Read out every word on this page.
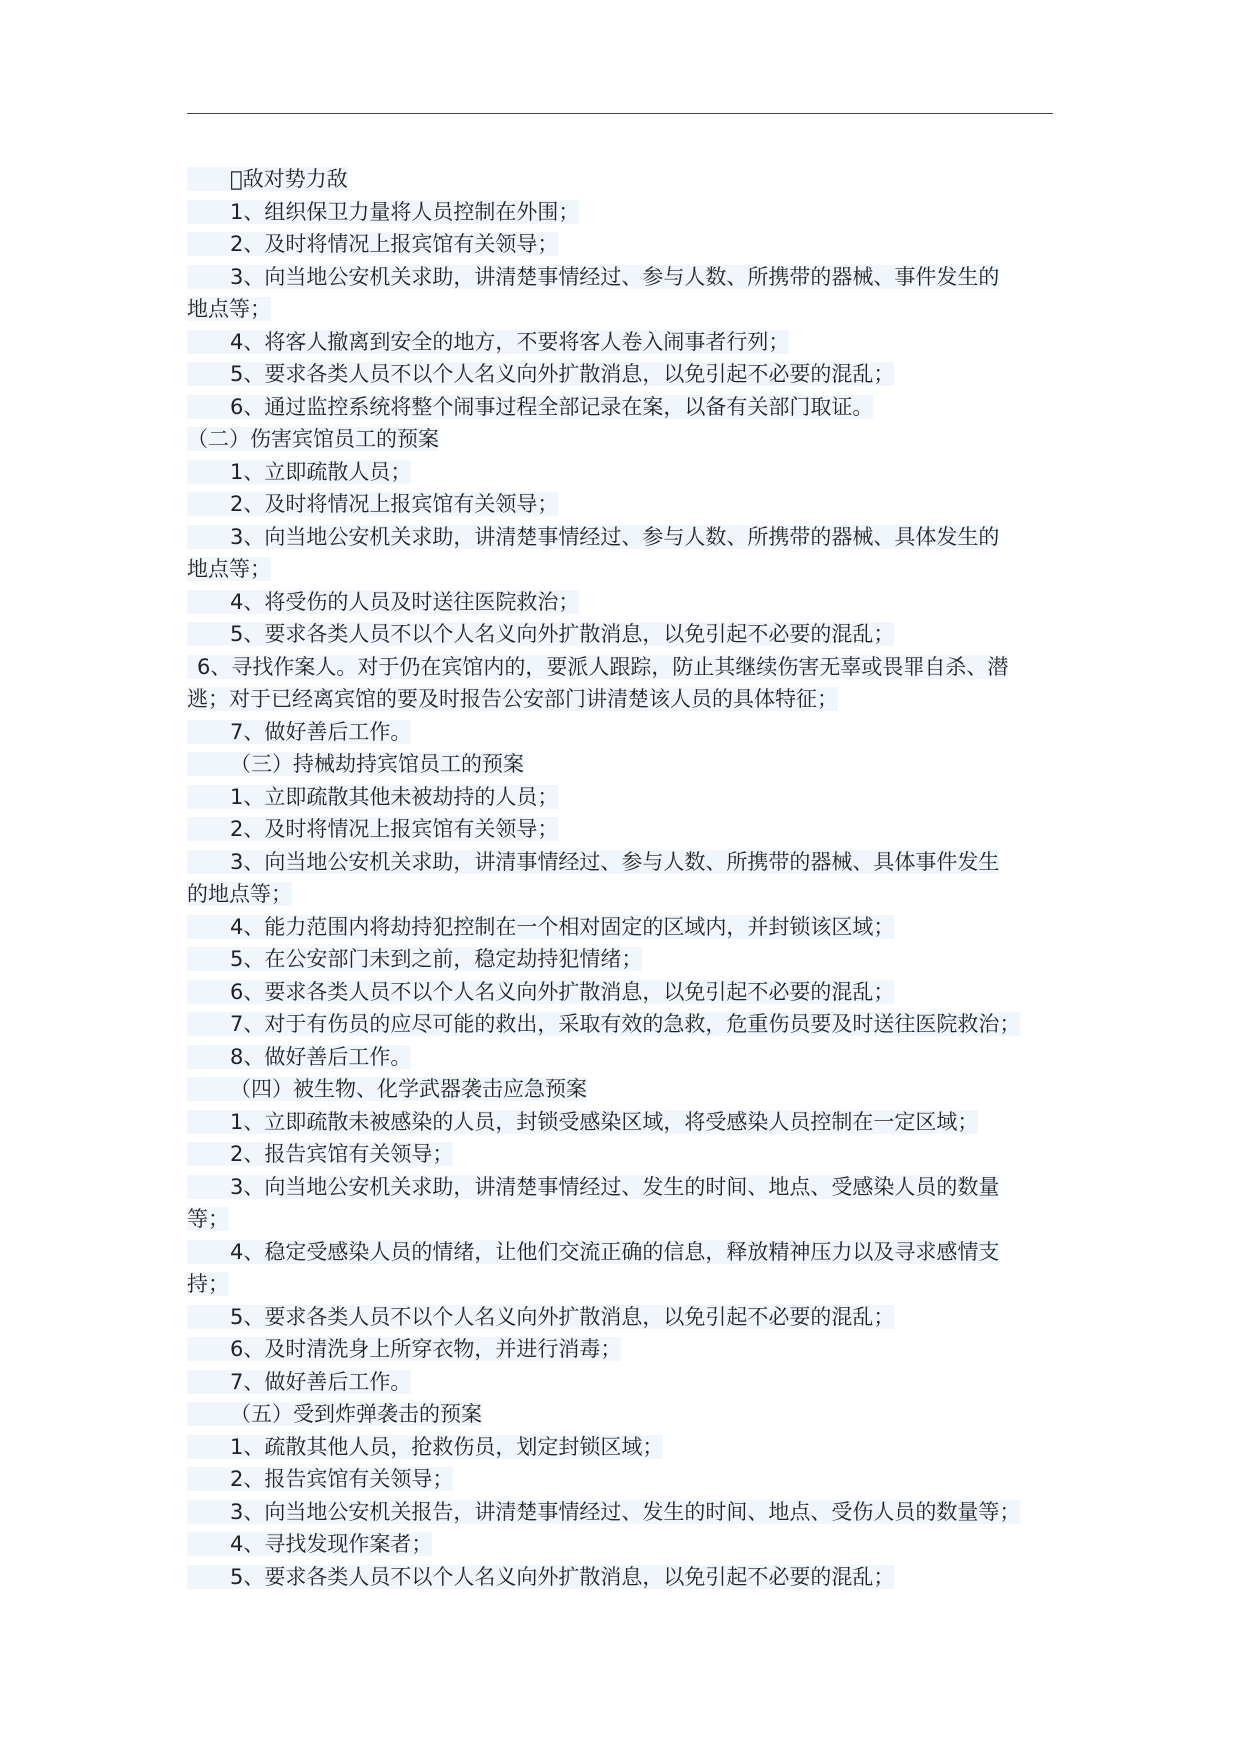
 敌对势力敌
1、组织保卫力量将人员控制在外围；
2、及时将情况上报宾馆有关领导；
3、向当地公安机关求助，讲清楚事情经过、参与人数、所携带的器械、事件发生的
地点等；
4、将客人撤离到安全的地方，不要将客人卷入闹事者行列；
5、要求各类人员不以个人名义向外扩散消息，以免引起不必要的混乱；
6、通过监控系统将整个闹事过程全部记录在案，以备有关部门取证。
（二）伤害宾馆员工的预案
1、立即疏散人员；
2、及时将情况上报宾馆有关领导；
3、向当地公安机关求助，讲清楚事情经过、参与人数、所携带的器械、具体发生的
地点等；
4、将受伤的人员及时送往医院救治；
5、要求各类人员不以个人名义向外扩散消息，以免引起不必要的混乱；
6、寻找作案人。对于仍在宾馆内的，要派人跟踪，防止其继续伤害无辜或畏罪自杀、潜
逃；对于已经离宾馆的要及时报告公安部门讲清楚该人员的具体特征；
7、做好善后工作。
（三）持械劫持宾馆员工的预案
1、立即疏散其他未被劫持的人员；
2、及时将情况上报宾馆有关领导；
3、向当地公安机关求助，讲清事情经过、参与人数、所携带的器械、具体事件发生
的地点等；
4、能力范围内将劫持犯控制在一个相对固定的区域内，并封锁该区域；
5、在公安部门未到之前，稳定劫持犯情绪；
6、要求各类人员不以个人名义向外扩散消息，以免引起不必要的混乱；
7、对于有伤员的应尽可能的救出，采取有效的急救，危重伤员要及时送往医院救治；
8、做好善后工作。
（四）被生物、化学武器袭击应急预案
1、立即疏散未被感染的人员，封锁受感染区域，将受感染人员控制在一定区域；
2、报告宾馆有关领导；
3、向当地公安机关求助，讲清楚事情经过、发生的时间、地点、受感染人员的数量
等；
4、稳定受感染人员的情绪，让他们交流正确的信息，释放精神压力以及寻求感情支
持；
5、要求各类人员不以个人名义向外扩散消息，以免引起不必要的混乱；
6、及时清洗身上所穿衣物，并进行消毒；
7、做好善后工作。
（五）受到炸弹袭击的预案
1、疏散其他人员，抢救伤员，划定封锁区域；
2、报告宾馆有关领导；
3、向当地公安机关报告，讲清楚事情经过、发生的时间、地点、受伤人员的数量等；
4、寻找发现作案者；
5、要求各类人员不以个人名义向外扩散消息，以免引起不必要的混乱；
